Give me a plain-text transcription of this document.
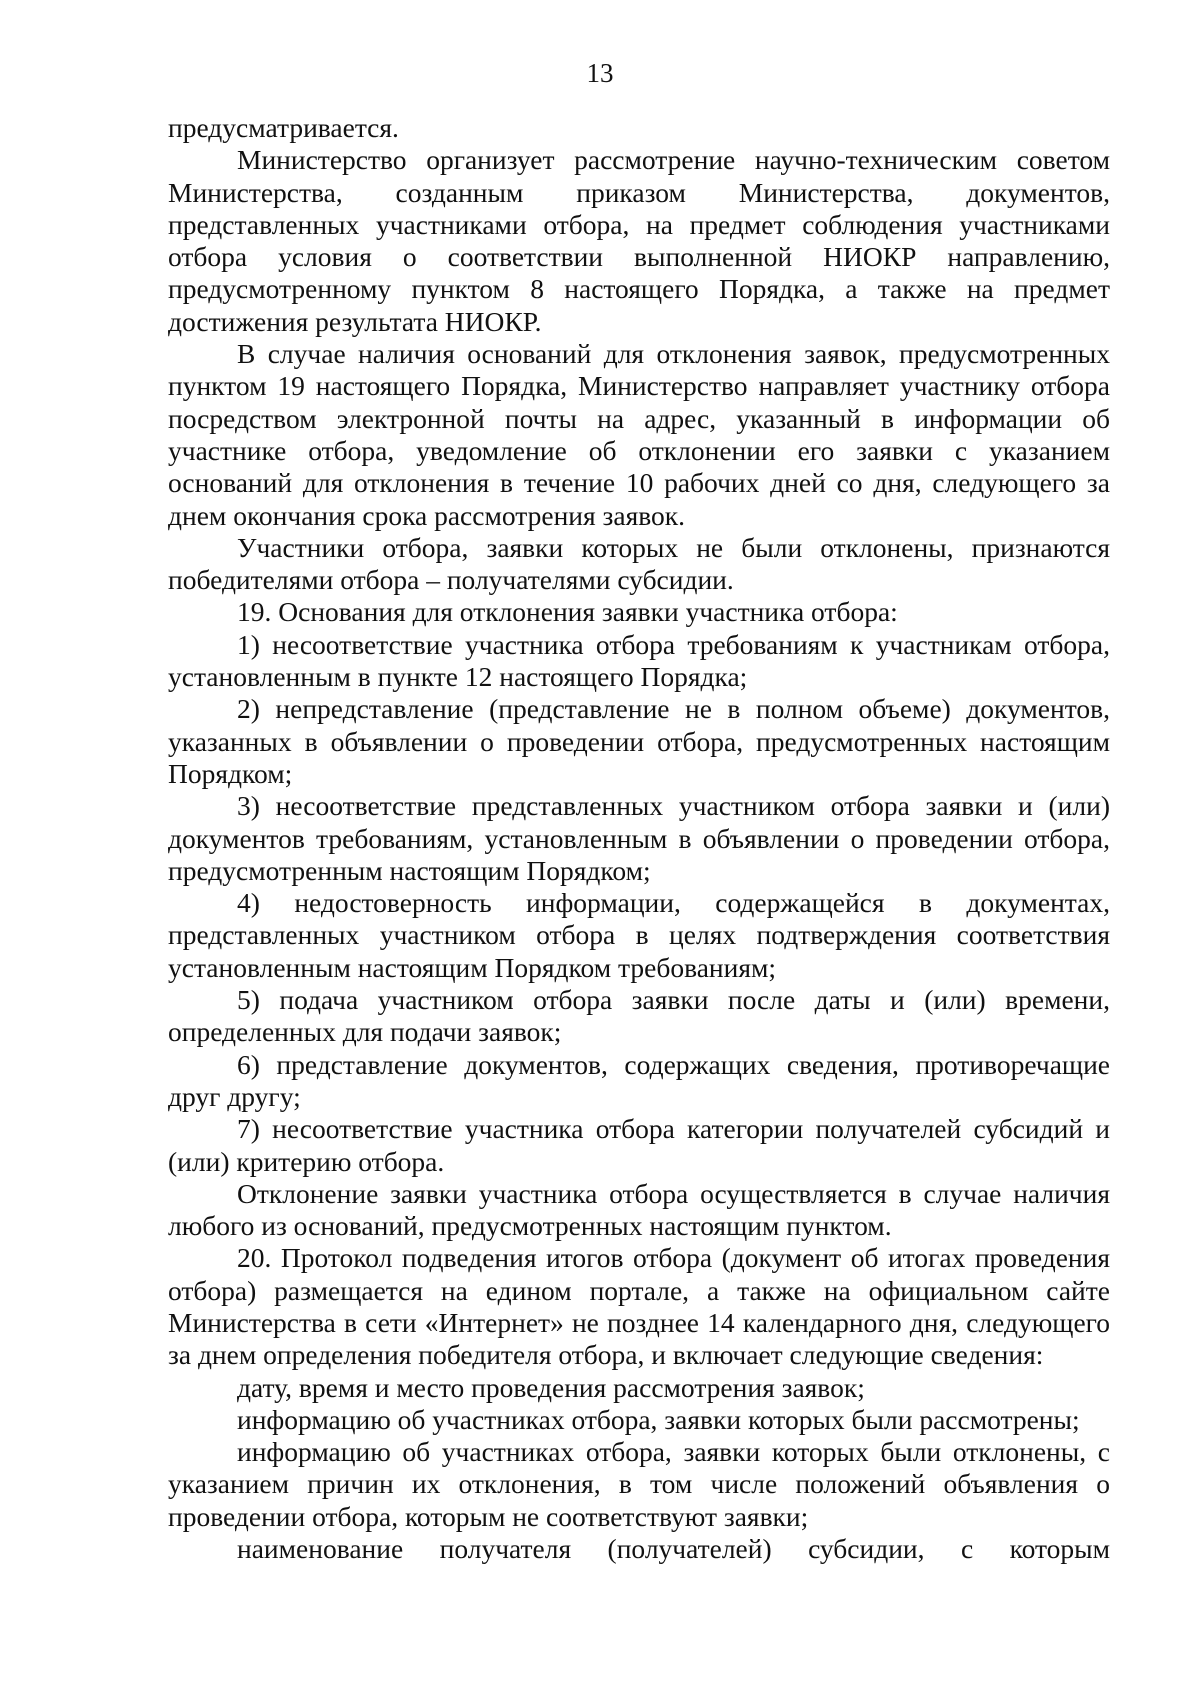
13

предусматривается.

Министерство организует рассмотрение научно-техническим советом Министерства, созданным приказом Министерства, документов, представленных участниками отбора, на предмет соблюдения участниками отбора условия о соответствии выполненной НИОКР направлению, предусмотренному пунктом 8 настоящего Порядка, а также на предмет достижения результата НИОКР.

В случае наличия оснований для отклонения заявок, предусмотренных пунктом 19 настоящего Порядка, Министерство направляет участнику отбора посредством электронной почты на адрес, указанный в информации об участнике отбора, уведомление об отклонении его заявки с указанием оснований для отклонения в течение 10 рабочих дней со дня, следующего за днем окончания срока рассмотрения заявок.

Участники отбора, заявки которых не были отклонены, признаются победителями отбора – получателями субсидии.

19. Основания для отклонения заявки участника отбора:

1) несоответствие участника отбора требованиям к участникам отбора, установленным в пункте 12 настоящего Порядка;

2) непредставление (представление не в полном объеме) документов, указанных в объявлении о проведении отбора, предусмотренных настоящим Порядком;

3) несоответствие представленных участником отбора заявки и (или) документов требованиям, установленным в объявлении о проведении отбора, предусмотренным настоящим Порядком;

4) недостоверность информации, содержащейся в документах, представленных участником отбора в целях подтверждения соответствия установленным настоящим Порядком требованиям;

5) подача участником отбора заявки после даты и (или) времени, определенных для подачи заявок;

6) представление документов, содержащих сведения, противоречащие друг другу;

7) несоответствие участника отбора категории получателей субсидий и (или) критерию отбора.

Отклонение заявки участника отбора осуществляется в случае наличия любого из оснований, предусмотренных настоящим пунктом.

20. Протокол подведения итогов отбора (документ об итогах проведения отбора) размещается на едином портале, а также на официальном сайте Министерства в сети «Интернет» не позднее 14 календарного дня, следующего за днем определения победителя отбора, и включает следующие сведения:

дату, время и место проведения рассмотрения заявок;

информацию об участниках отбора, заявки которых были рассмотрены;

информацию об участниках отбора, заявки которых были отклонены, с указанием причин их отклонения, в том числе положений объявления о проведении отбора, которым не соответствуют заявки;

наименование получателя (получателей) субсидии, с которым
